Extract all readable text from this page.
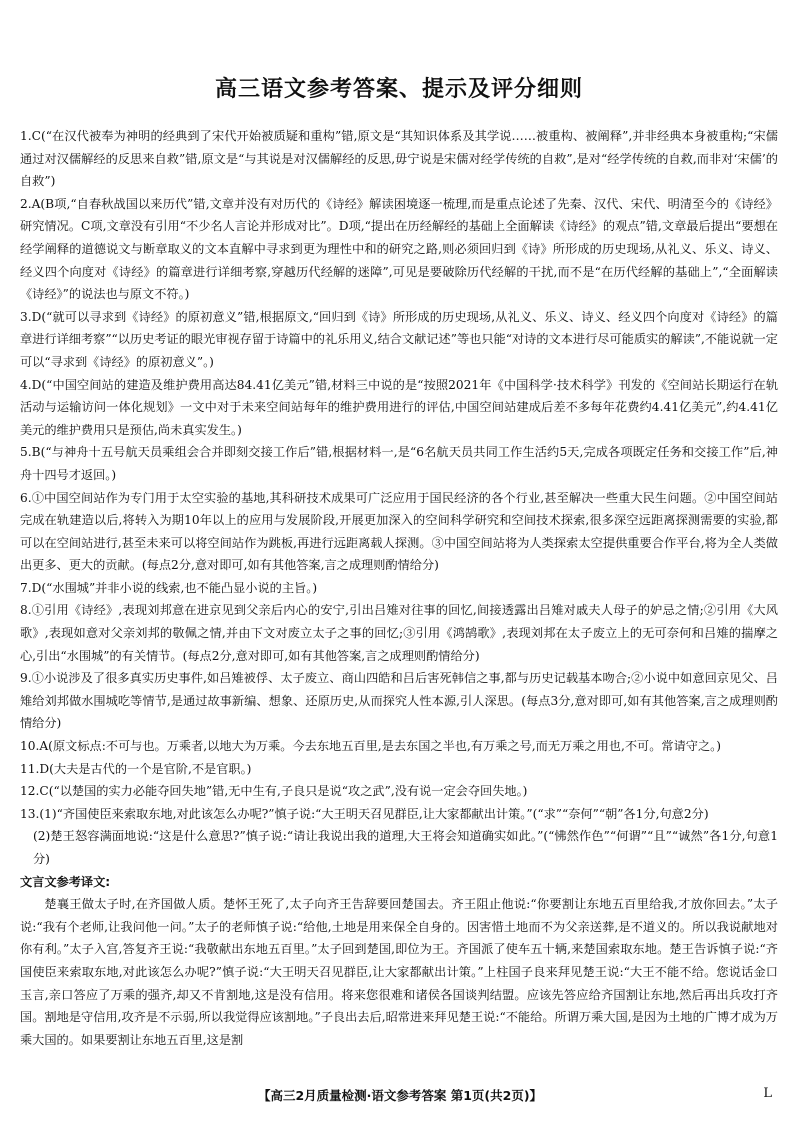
高三语文参考答案、提示及评分细则

1.C(“在汉代被奉为神明的经典到了宋代开始被质疑和重构”错,原文是“其知识体系及其学说……被重构、被阐释”,并非经典本身被重构;“宋儒通过对汉儒解经的反思来自救”错,原文是“与其说是对汉儒解经的反思,毋宁说是宋儒对经学传统的自救”,是对“经学传统的自救,而非对‘宋儒’的自救”)

2.A(B项,“自春秋战国以来历代”错,文章并没有对历代的《诗经》解读困境逐一梳理,而是重点论述了先秦、汉代、宋代、明清至今的《诗经》研究情况。C项,文章没有引用“不少名人言论并形成对比”。D项,“提出在历经解经的基础上全面解读《诗经》的观点”错,文章最后提出“要想在经学阐释的道德说文与断章取义的文本直解中寻求到更为理性中和的研究之路,则必须回归到《诗》所形成的历史现场,从礼义、乐义、诗义、经义四个向度对《诗经》的篇章进行详细考察,穿越历代经解的迷障”,可见是要破除历代经解的干扰,而不是“在历代经解的基础上”,“全面解读《诗经》”的说法也与原文不符。)

3.D(“就可以寻求到《诗经》的原初意义”错,根据原文,“回归到《诗》所形成的历史现场,从礼义、乐义、诗义、经义四个向度对《诗经》的篇章进行详细考察”“以历史考证的眼光审视存留于诗篇中的礼乐用义,结合文献记述”等也只能“对诗的文本进行尽可能质实的解读”,不能说就一定可以“寻求到《诗经》的原初意义”。)

4.D(“中国空间站的建造及维护费用高达84.41亿美元”错,材料三中说的是“按照2021年《中国科学·技术科学》刊发的《空间站长期运行在轨活动与运输访问一体化规划》一文中对于未来空间站每年的维护费用进行的评估,中国空间站建成后差不多每年花费约4.41亿美元”,约4.41亿美元的维护费用只是预估,尚未真实发生。)

5.B(“与神舟十五号航天员乘组会合并即刻交接工作后”错,根据材料一,是“6名航天员共同工作生活约5天,完成各项既定任务和交接工作”后,神舟十四号才返回。)

6.①中国空间站作为专门用于太空实验的基地,其科研技术成果可广泛应用于国民经济的各个行业,甚至解决一些重大民生问题。②中国空间站完成在轨建造以后,将转入为期10年以上的应用与发展阶段,开展更加深入的空间科学研究和空间技术探索,很多深空远距离探测需要的实验,都可以在空间站进行,甚至未来可以将空间站作为跳板,再进行远距离载人探测。③中国空间站将为人类探索太空提供重要合作平台,将为全人类做出更多、更大的贡献。(每点2分,意对即可,如有其他答案,言之成理则酌情给分)

7.D(“水围城”并非小说的线索,也不能凸显小说的主旨。)

8.①引用《诗经》,表现刘邦意在进京见到父亲后内心的安宁,引出吕雉对往事的回忆,间接透露出吕雉对戚夫人母子的妒忌之情;②引用《大风歌》,表现如意对父亲刘邦的敬佩之情,并由下文对废立太子之事的回忆;③引用《鸿鹄歌》,表现刘邦在太子废立上的无可奈何和吕雉的揣摩之心,引出“水围城”的有关情节。(每点2分,意对即可,如有其他答案,言之成理则酌情给分)

9.①小说涉及了很多真实历史事件,如吕雉被俘、太子废立、商山四皓和吕后害死韩信之事,都与历史记载基本吻合;②小说中如意回京见父、吕雉给刘邦做水围城吃等情节,是通过故事新编、想象、还原历史,从而探究人性本源,引人深思。(每点3分,意对即可,如有其他答案,言之成理则酌情给分)

10.A(原文标点:不可与也。万乘者,以地大为万乘。今去东地五百里,是去东国之半也,有万乘之号,而无万乘之用也,不可。常请守之。)

11.D(大夫是古代的一个是官阶,不是官职。)

12.C(“以楚国的实力必能夺回失地”错,无中生有,子良只是说“攻之武”,没有说一定会夺回失地。)

13.(1)“齐国使臣来索取东地,对此该怎么办呢?”慎子说:“大王明天召见群臣,让大家都献出计策。”(“求”“奈何”“朝”各1分,句意2分)

(2)楚王怒容满面地说:“这是什么意思?”慎子说:“请让我说出我的道理,大王将会知道确实如此。”(“怫然作色”“何谓”“且”“诚然”各1分,句意1分)

文言文参考译文:

楚襄王做太子时,在齐国做人质。楚怀王死了,太子向齐王告辞要回楚国去。齐王阻止他说:“你要割让东地五百里给我,才放你回去。”太子说:“我有个老师,让我问他一问。”太子的老师慎子说:“给他,土地是用来保全自身的。因害惜土地而不为父亲送葬,是不道义的。所以我说献地对你有利。”太子入宫,答复齐王说:“我敬献出东地五百里。”太子回到楚国,即位为王。齐国派了使车五十辆,来楚国索取东地。楚王告诉慎子说:“齐国使臣来索取东地,对此该怎么办呢?”慎子说:“大王明天召见群臣,让大家都献出计策。”上柱国子良来拜见楚王说:“大王不能不给。您说话金口玉言,亲口答应了万乘的强齐,却又不肯割地,这是没有信用。将来您很难和诸侯各国谈判结盟。应该先答应给齐国割让东地,然后再出兵攻打齐国。割地是守信用,攻齐是不示弱,所以我觉得应该割地。”子良出去后,昭常进来拜见楚王说:“不能给。所谓万乘大国,是因为土地的广博才成为万乘大国的。如果要割让东地五百里,这是割

【高三2月质量检测·语文参考答案 第1页(共2页)】	L
